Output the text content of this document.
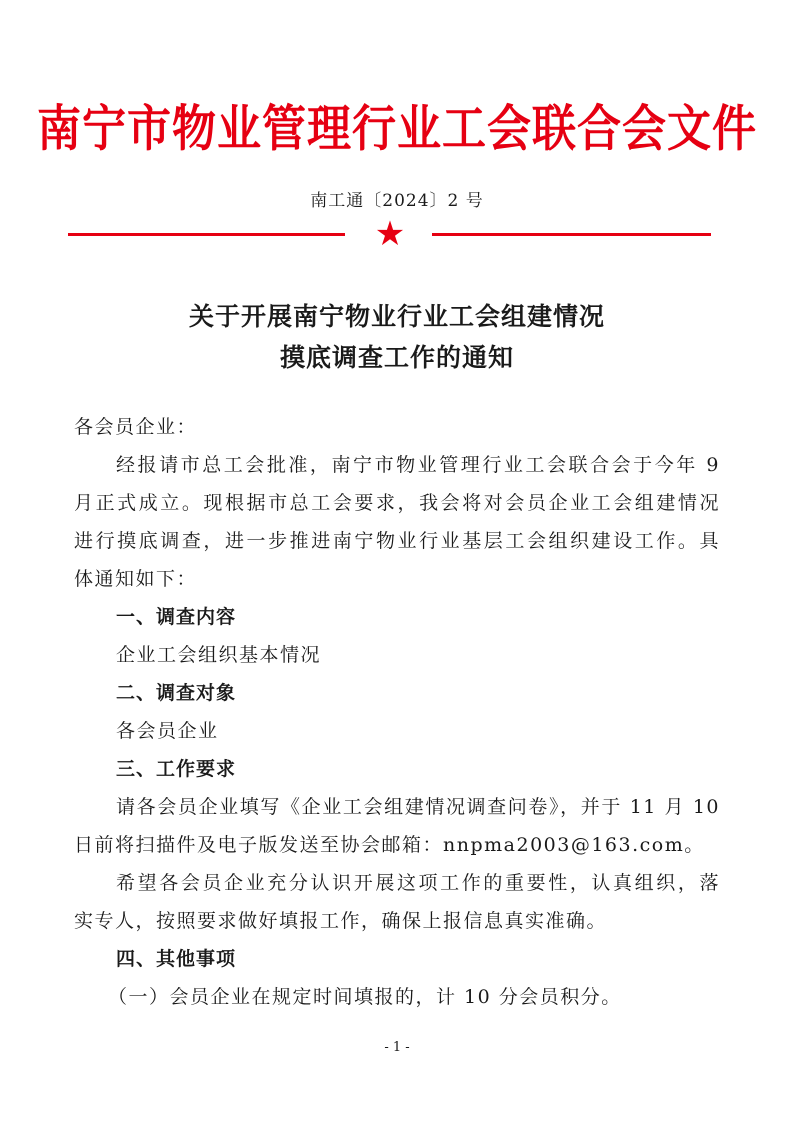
南宁市物业管理行业工会联合会文件
南工通〔2024〕2 号
★
关于开展南宁物业行业工会组建情况
摸底调查工作的通知
各会员企业：
经报请市总工会批准，南宁市物业管理行业工会联合会于今年 9
月正式成立。现根据市总工会要求，我会将对会员企业工会组建情况
进行摸底调查，进一步推进南宁物业行业基层工会组织建设工作。具
体通知如下：
一、调查内容
企业工会组织基本情况
二、调查对象
各会员企业
三、工作要求
请各会员企业填写《企业工会组建情况调查问卷》，并于 11 月 10
日前将扫描件及电子版发送至协会邮箱：nnpma2003@163.com。
希望各会员企业充分认识开展这项工作的重要性，认真组织，落
实专人，按照要求做好填报工作，确保上报信息真实准确。
四、其他事项
（一）会员企业在规定时间填报的，计 10 分会员积分。
- 1 -
